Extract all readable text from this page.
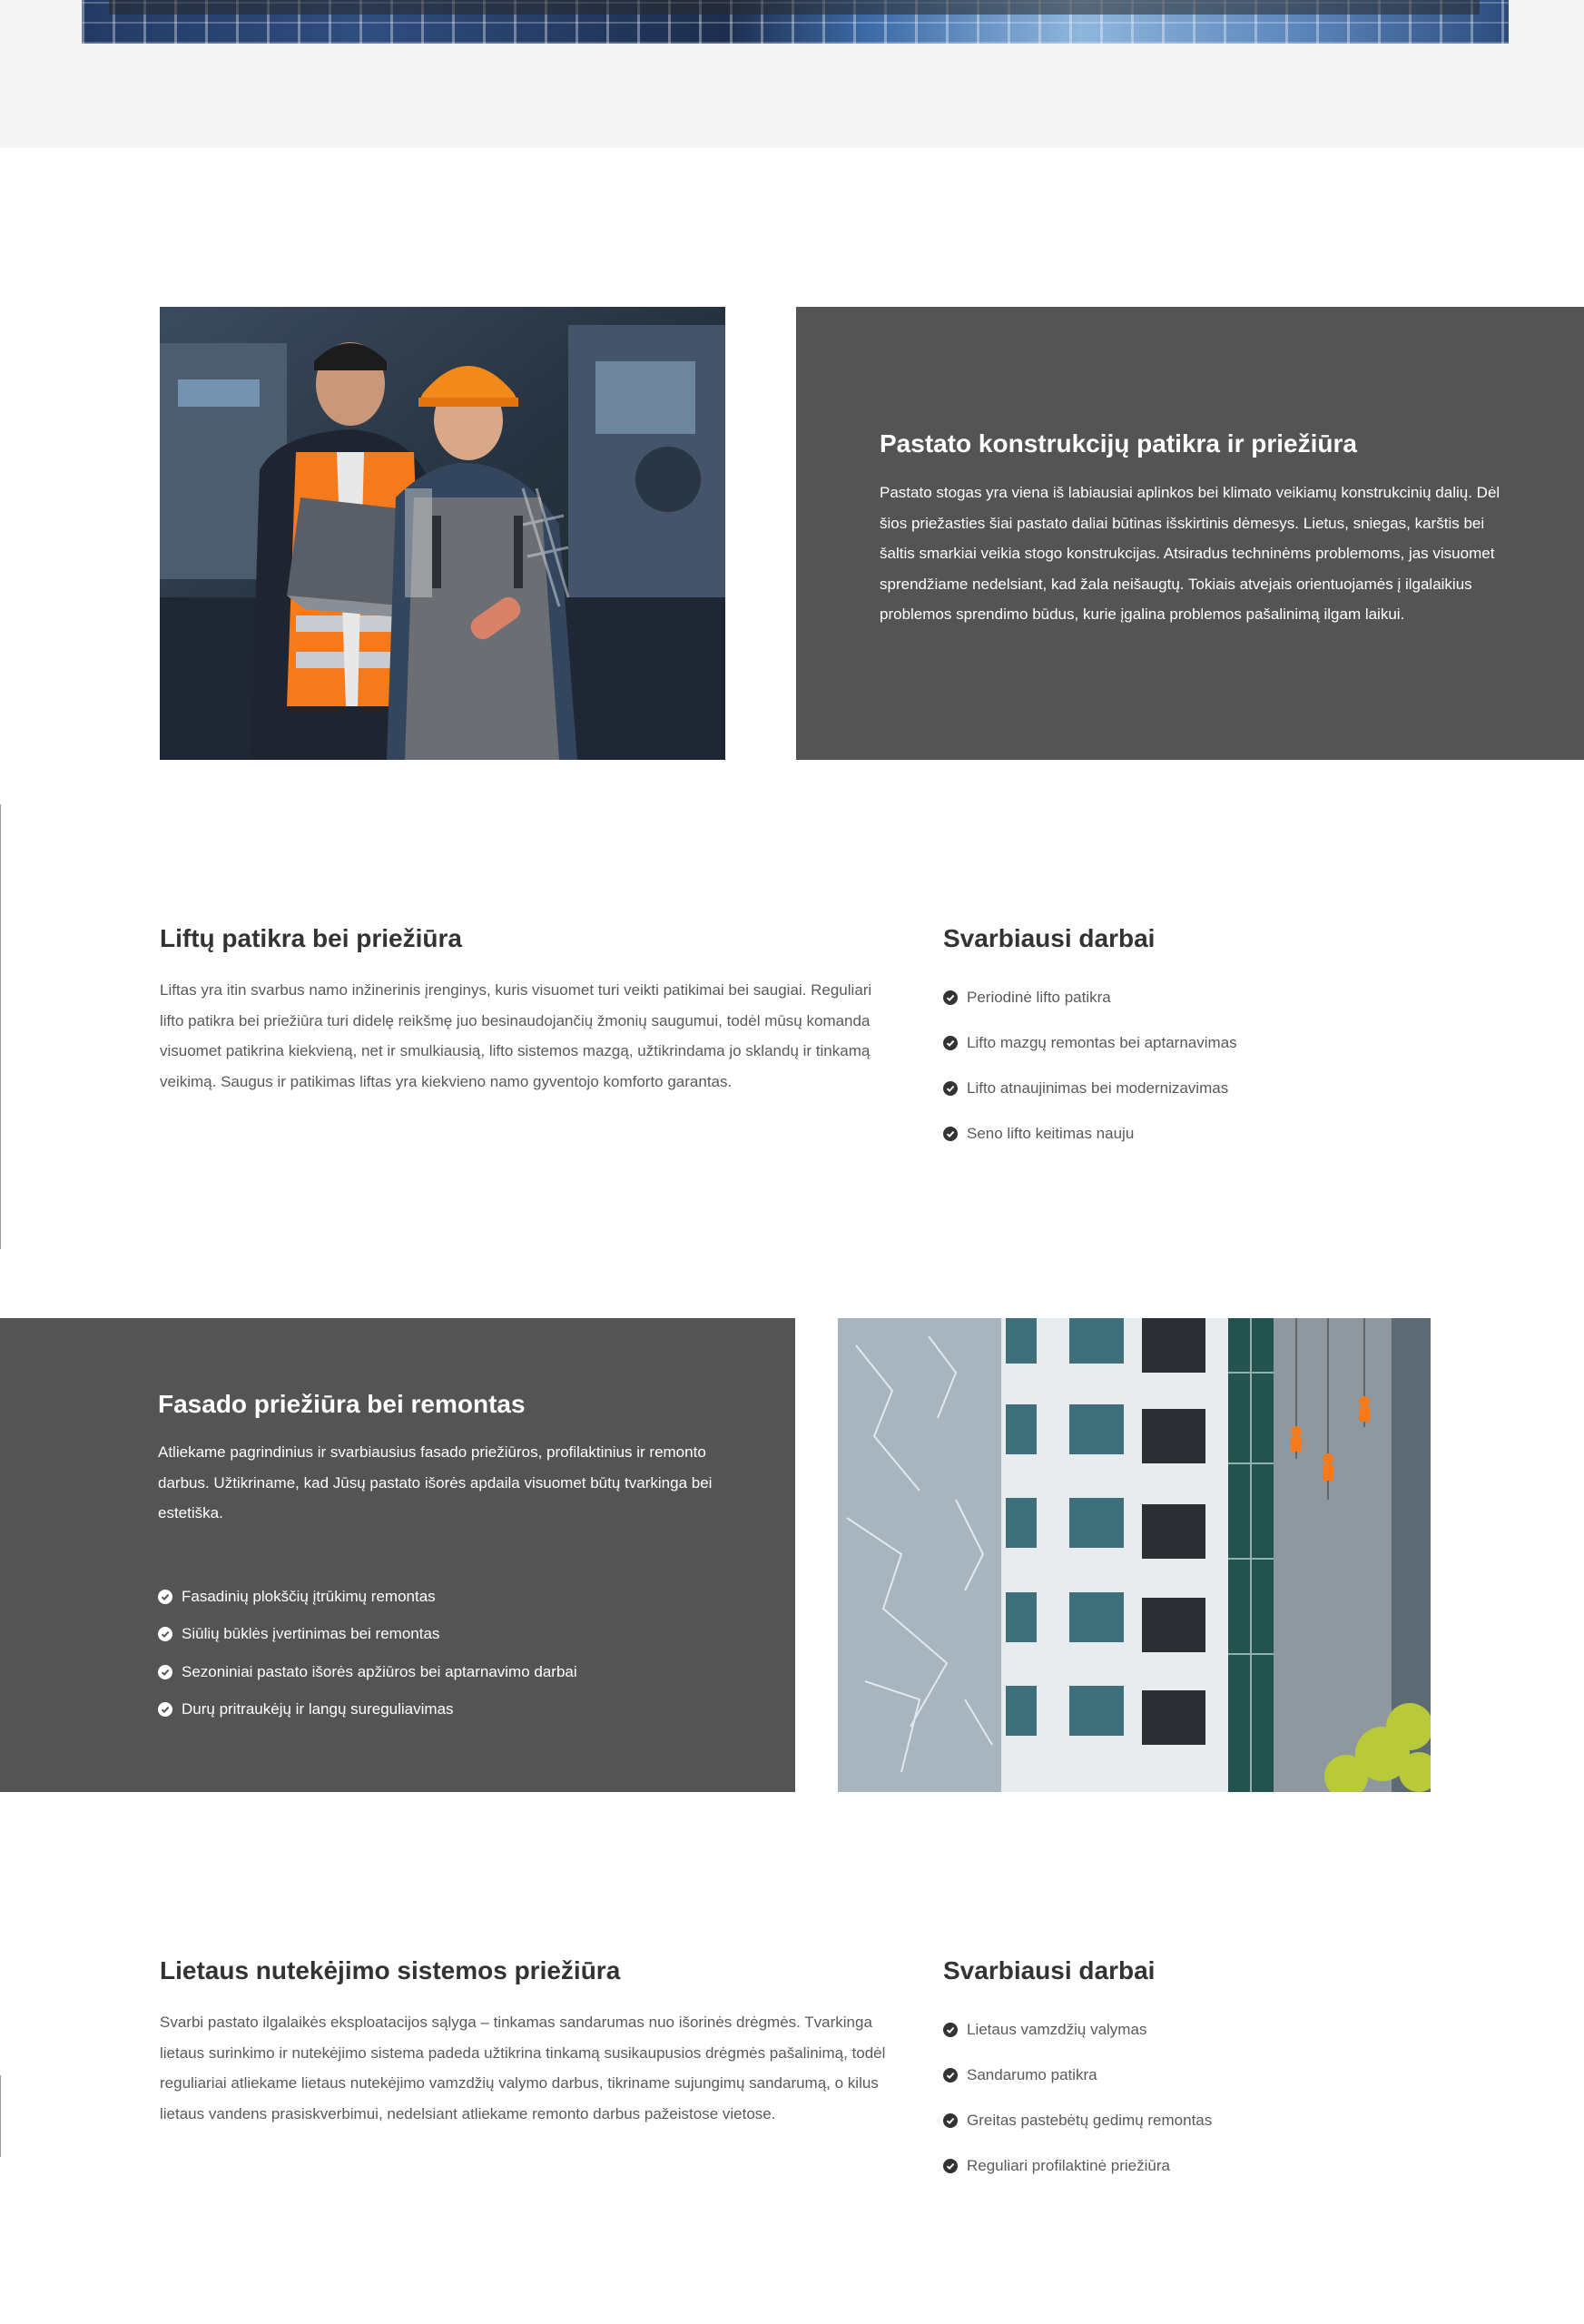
Pastato konstrukcijų patikra ir priežiūra

Pastato stogas yra viena iš labiausiai aplinkos bei klimato veikiamų konstrukcinių dalių. Dėl šios priežasties šiai pastato daliai būtinas išskirtinis dėmesys. Lietus, sniegas, karštis bei šaltis smarkiai veikia stogo konstrukcijas. Atsiradus techninėms problemoms, jas visuomet sprendžiame nedelsiant, kad žala neišaugtų. Tokiais atvejais orientuojamės į ilgalaikius problemos sprendimo būdus, kurie įgalina problemos pašalinimą ilgam laikui.

Liftų patikra bei priežiūra

Liftas yra itin svarbus namo inžinerinis įrenginys, kuris visuomet turi veikti patikimai bei saugiai. Reguliari lifto patikra bei priežiūra turi didelę reikšmę juo besinaudojančių žmonių saugumui, todėl mūsų komanda visuomet patikrina kiekvieną, net ir smulkiausią, lifto sistemos mazgą, užtikrindama jo sklandų ir tinkamą veikimą. Saugus ir patikimas liftas yra kiekvieno namo gyventojo komforto garantas.

Svarbiausi darbai
Periodinė lifto patikra
Lifto mazgų remontas bei aptarnavimas
Lifto atnaujinimas bei modernizavimas
Seno lifto keitimas nauju
Fasado priežiūra bei remontas

Atliekame pagrindinius ir svarbiausius fasado priežiūros, profilaktinius ir remonto darbus. Užtikriname, kad Jūsų pastato išorės apdaila visuomet būtų tvarkinga bei estetiška.

Fasadinių plokščių įtrūkimų remontas
Siūlių būklės įvertinimas bei remontas
Sezoniniai pastato išorės apžiūros bei aptarnavimo darbai
Durų pritraukėjų ir langų sureguliavimas
Lietaus nutekėjimo sistemos priežiūra

Svarbi pastato ilgalaikės eksploatacijos sąlyga – tinkamas sandarumas nuo išorinės drėgmės. Tvarkinga lietaus surinkimo ir nutekėjimo sistema padeda užtikrina tinkamą susikaupusios drėgmės pašalinimą, todėl reguliariai atliekame lietaus nutekėjimo vamzdžių valymo darbus, tikriname sujungimų sandarumą, o kilus lietaus vandens prasiskverbimui, nedelsiant atliekame remonto darbus pažeistose vietose.

Svarbiausi darbai
Lietaus vamzdžių valymas
Sandarumo patikra
Greitas pastebėtų gedimų remontas
Reguliari profilaktinė priežiūra
